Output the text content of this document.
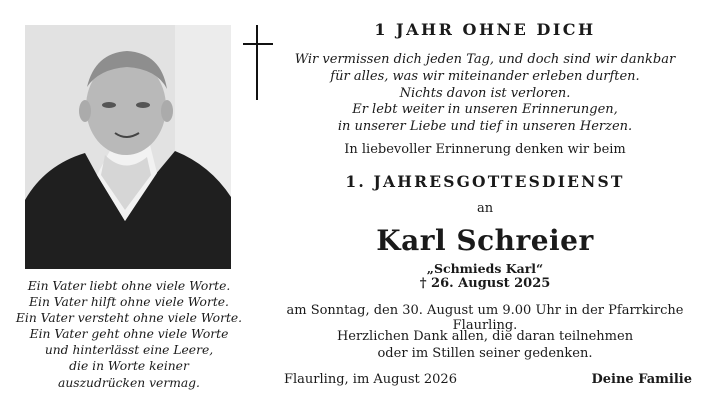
Ein Vater liebt ohne viele Worte.
Ein Vater hilft ohne viele Worte.
Ein Vater versteht ohne viele Worte.
Ein Vater geht ohne viele Worte
und hinterlässt eine Leere,
die in Worte keiner
auszudrücken vermag.
1 JAHR OHNE DICH
Wir vermissen dich jeden Tag, und doch sind wir dankbar
für alles, was wir miteinander erleben durften.
Nichts davon ist verloren.
Er lebt weiter in unseren Erinnerungen,
in unserer Liebe und tief in unseren Herzen.
In liebevoller Erinnerung denken wir beim
1. JAHRESGOTTESDIENST
an
Karl Schreier
„Schmieds Karl“
† 26. August 2025
am Sonntag, den 30. August um 9.00 Uhr in der Pfarrkirche Flaurling.
Herzlichen Dank allen, die daran teilnehmen
oder im Stillen seiner gedenken.
Flaurling, im August 2026	Deine Familie
